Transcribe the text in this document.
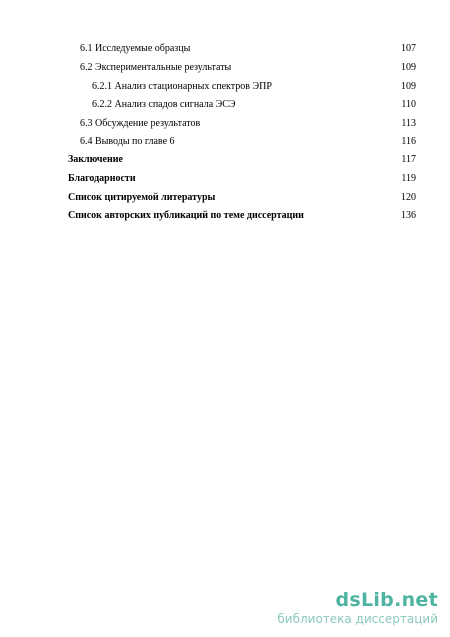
6.1 Исследуемые образцы	107
6.2 Экспериментальные результаты	109
6.2.1 Анализ стационарных спектров ЭПР	109
6.2.2 Анализ спадов сигнала ЭСЭ	110
6.3 Обсуждение результатов	113
6.4 Выводы по главе 6	116
Заключение	117
Благодарности	119
Список цитируемой литературы	120
Список авторских публикаций по теме диссертации	136
dsLib.net
библиотека диссертаций
